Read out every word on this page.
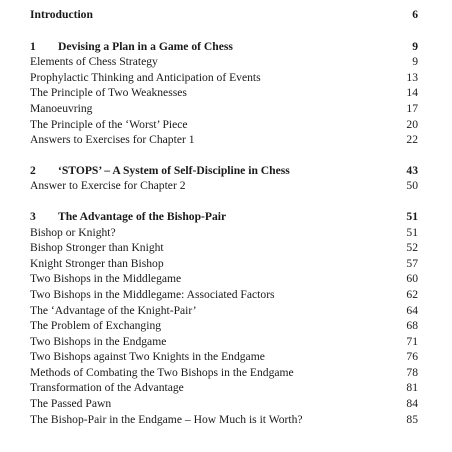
Introduction	6
1 Devising a Plan in a Game of Chess	9
Elements of Chess Strategy	9
Prophylactic Thinking and Anticipation of Events	13
The Principle of Two Weaknesses	14
Manoeuvring	17
The Principle of the ‘Worst’ Piece	20
Answers to Exercises for Chapter 1	22
2 ‘STOPS’ – A System of Self-Discipline in Chess	43
Answer to Exercise for Chapter 2	50
3 The Advantage of the Bishop-Pair	51
Bishop or Knight?	51
Bishop Stronger than Knight	52
Knight Stronger than Bishop	57
Two Bishops in the Middlegame	60
Two Bishops in the Middlegame: Associated Factors	62
The ‘Advantage of the Knight-Pair’	64
The Problem of Exchanging	68
Two Bishops in the Endgame	71
Two Bishops against Two Knights in the Endgame	76
Methods of Combating the Two Bishops in the Endgame	78
Transformation of the Advantage	81
The Passed Pawn	84
The Bishop-Pair in the Endgame – How Much is it Worth?	85
